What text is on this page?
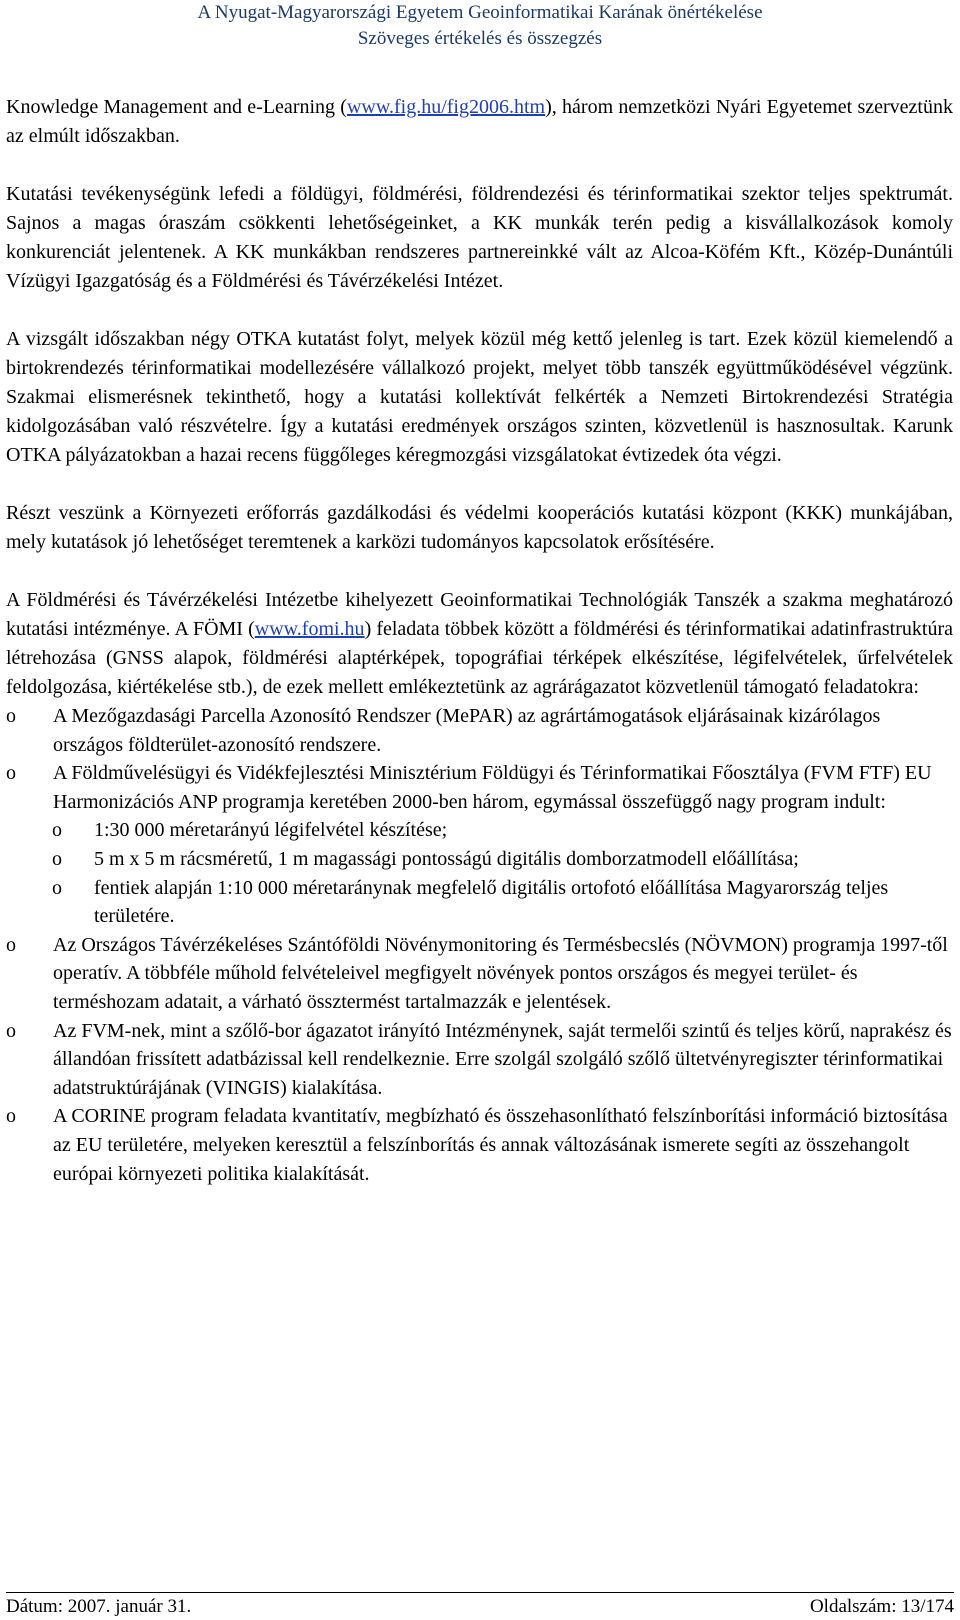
A Nyugat-Magyarországi Egyetem Geoinformatikai Karának önértékelése
Szöveges értékelés és összegzés

Knowledge Management and e-Learning (www.fig.hu/fig2006.htm), három nemzetközi Nyári Egyetemet szerveztünk az elmúlt időszakban.

Kutatási tevékenységünk lefedi a földügyi, földmérési, földrendezési és térinformatikai szektor teljes spektrumát. Sajnos a magas óraszám csökkenti lehetőségeinket, a KK munkák terén pedig a kisvállalkozások komoly konkurenciát jelentenek. A KK munkákban rendszeres partnereinkké vált az Alcoa-Köfém Kft., Közép-Dunántúli Vízügyi Igazgatóság és a Földmérési és Távérzékelési Intézet.

A vizsgált időszakban négy OTKA kutatást folyt, melyek közül még kettő jelenleg is tart. Ezek közül kiemelendő a birtokrendezés térinformatikai modellezésére vállalkozó projekt, melyet több tanszék együttműködésével végzünk. Szakmai elismerésnek tekinthető, hogy a kutatási kollektívát felkérték a Nemzeti Birtokrendezési Stratégia kidolgozásában való részvételre. Így a kutatási eredmények országos szinten, közvetlenül is hasznosultak. Karunk OTKA pályázatokban a hazai recens függőleges kéregmozgási vizsgálatokat évtizedek óta végzi.

Részt veszünk a Környezeti erőforrás gazdálkodási és védelmi kooperációs kutatási központ (KKK) munkájában, mely kutatások jó lehetőséget teremtenek a karközi tudományos kapcsolatok erősítésére.

A Földmérési és Távérzékelési Intézetbe kihelyezett Geoinformatikai Technológiák Tanszék a szakma meghatározó kutatási intézménye. A FÖMI (www.fomi.hu) feladata többek között a földmérési és térinformatikai adatinfrastruktúra létrehozása (GNSS alapok, földmérési alaptérképek, topográfiai térképek elkészítése, légifelvételek, űrfelvételek feldolgozása, kiértékelése stb.), de ezek mellett emlékeztetünk az agrárágazatot közvetlenül támogató feladatokra:

o A Mezőgazdasági Parcella Azonosító Rendszer (MePAR) az agrártámogatások eljárásainak kizárólagos országos földterület-azonosító rendszere.
o A Földművelésügyi és Vidékfejlesztési Minisztérium Földügyi és Térinformatikai Főosztálya (FVM FTF) EU Harmonizációs ANP programja keretében 2000-ben három, egymással összefüggő nagy program indult:
o 1:30 000 méretarányú légifelvétel készítése;
o 5 m x 5 m rácsméretű, 1 m magassági pontosságú digitális domborzatmodell előállítása;
o fentiek alapján 1:10 000 méretaránynak megfelelő digitális ortofotó előállítása Magyarország teljes területére.
o Az Országos Távérzékeléses Szántóföldi Növénymonitoring és Termésbecslés (NÖVMON) programja 1997-től operatív. A többféle műhold felvételeivel megfigyelt növények pontos országos és megyei terület- és terméshozam adatait, a várható össztermést tartalmazzák e jelentések.
o Az FVM-nek, mint a szőlő-bor ágazatot irányító Intézménynek, saját termelői szintű és teljes körű, naprakész és állandóan frissített adatbázissal kell rendelkeznie. Erre szolgál szolgáló szőlő ültetvényregiszter térinformatikai adatstruktúrájának (VINGIS) kialakítása.
o A CORINE program feladata kvantitatív, megbízható és összehasonlítható felszínborítási információ biztosítása az EU területére, melyeken keresztül a felszínborítás és annak változásának ismerete segíti az összehangolt európai környezeti politika kialakítását.
Dátum: 2007. január 31.	Oldalszám: 13/174
